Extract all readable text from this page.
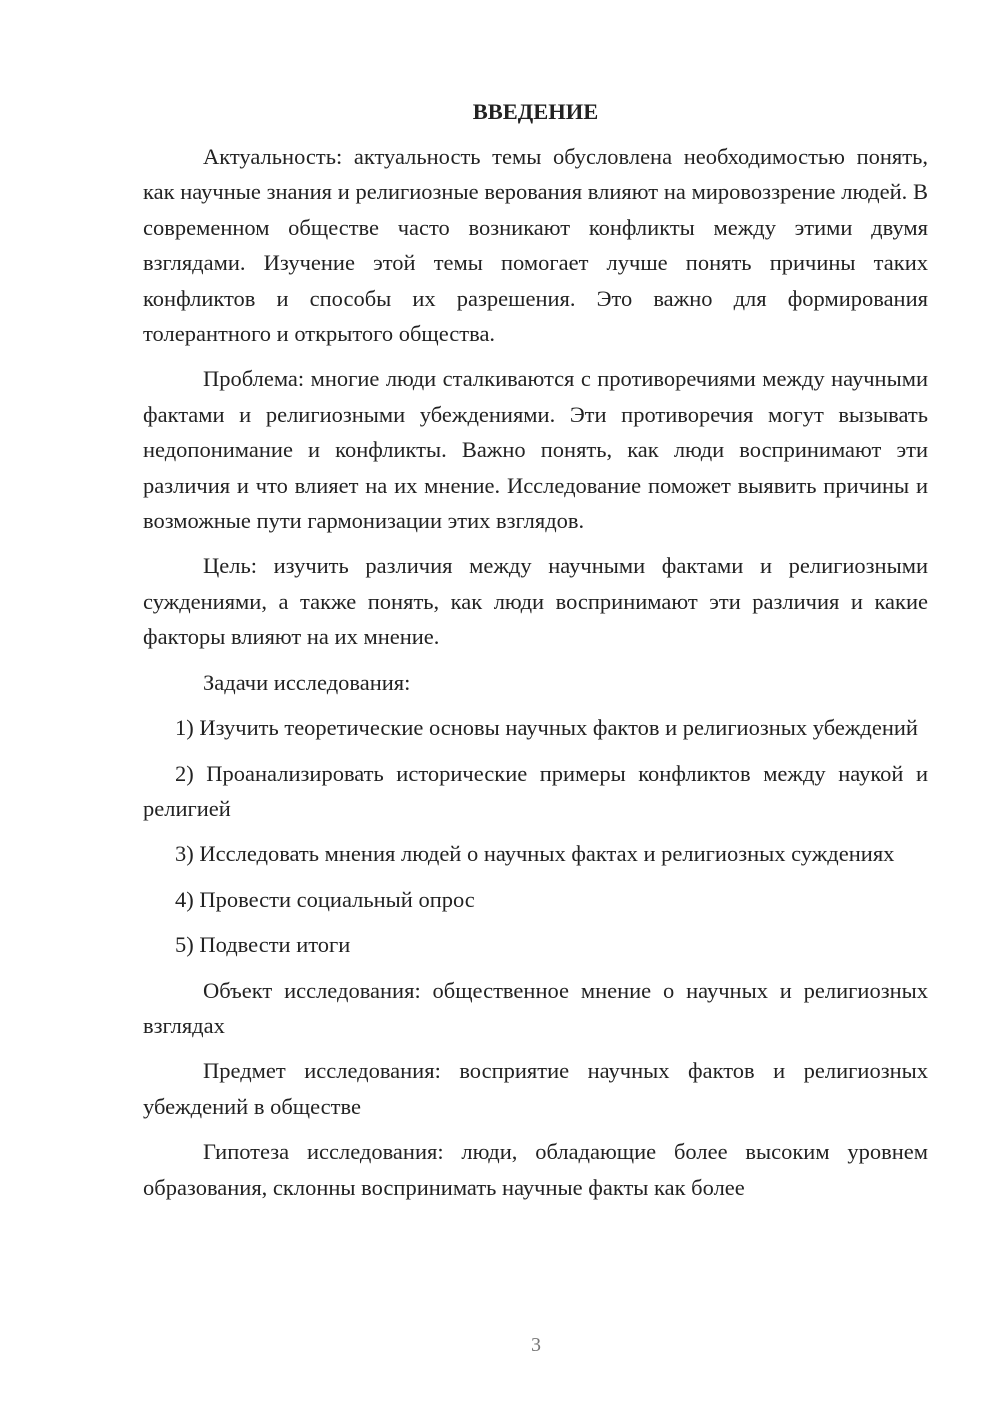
ВВЕДЕНИЕ

Актуальность: актуальность темы обусловлена необходимостью понять, как научные знания и религиозные верования влияют на мировоззрение людей. В современном обществе часто возникают конфликты между этими двумя взглядами. Изучение этой темы помогает лучше понять причины таких конфликтов и способы их разрешения. Это важно для формирования толерантного и открытого общества.

Проблема: многие люди сталкиваются с противоречиями между научными фактами и религиозными убеждениями. Эти противоречия могут вызывать недопонимание и конфликты. Важно понять, как люди воспринимают эти различия и что влияет на их мнение. Исследование поможет выявить причины и возможные пути гармонизации этих взглядов.

Цель: изучить различия между научными фактами и религиозными суждениями, а также понять, как люди воспринимают эти различия и какие факторы влияют на их мнение.

Задачи исследования:

1) Изучить теоретические основы научных фактов и религиозных убеждений

2) Проанализировать исторические примеры конфликтов между наукой и религией

3) Исследовать мнения людей о научных фактах и религиозных суждениях

4) Провести социальный опрос

5) Подвести итоги

Объект исследования: общественное мнение о научных и религиозных взглядах

Предмет исследования: восприятие научных фактов и религиозных убеждений в обществе

Гипотеза исследования: люди, обладающие более высоким уровнем образования, склонны воспринимать научные факты как более

3
